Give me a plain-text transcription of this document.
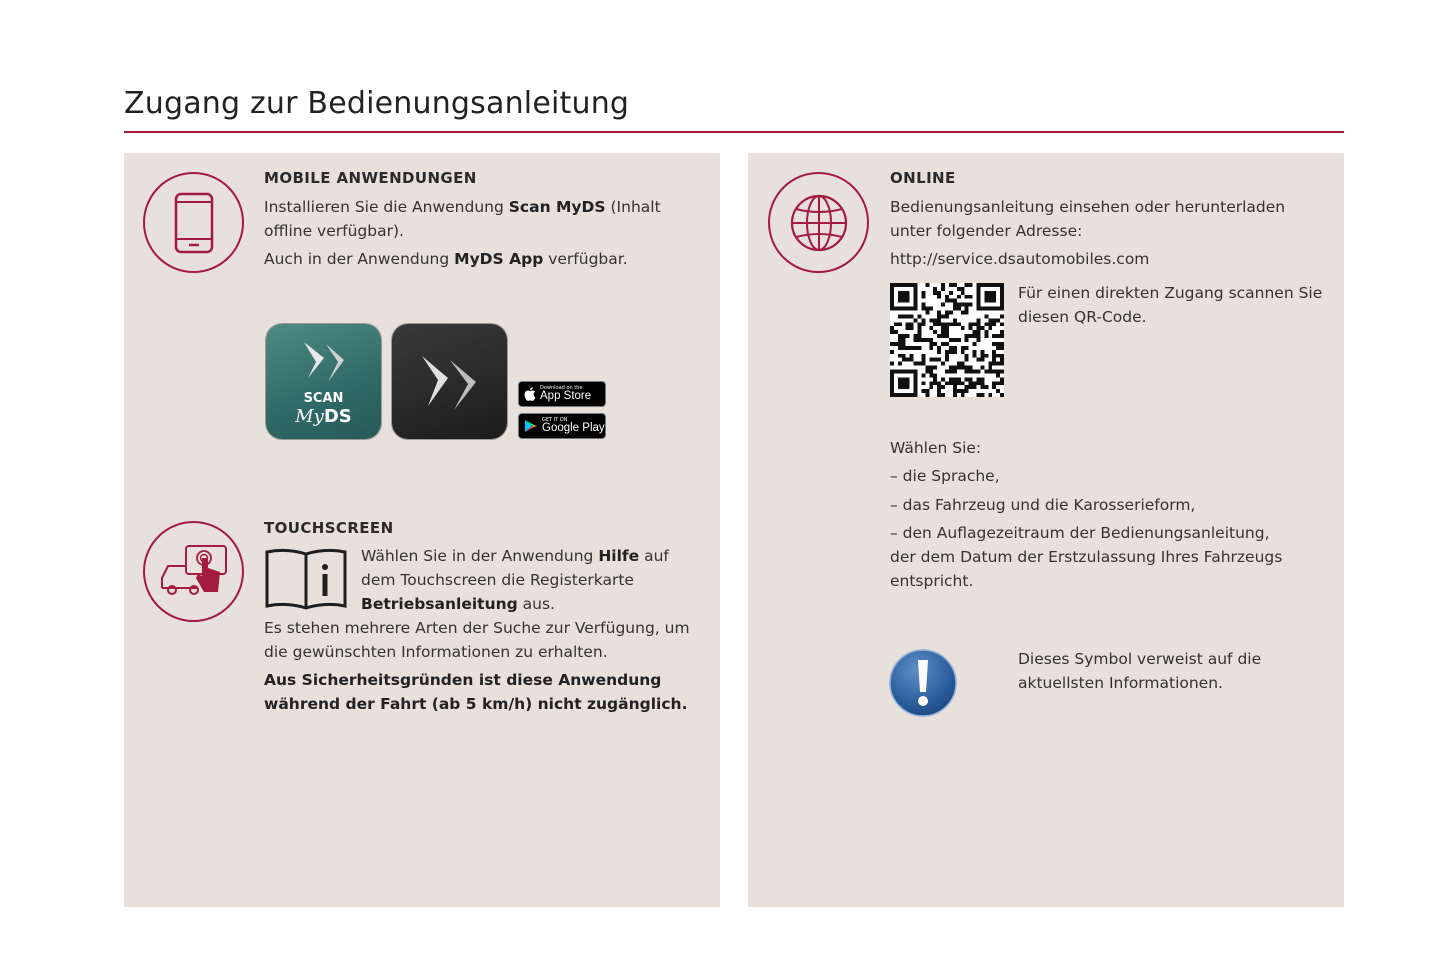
Zugang zur Bedienungsanleitung
MOBILE ANWENDUNGEN
Installieren Sie die Anwendung Scan MyDS (Inhalt offline verfügbar).
Auch in der Anwendung MyDS App verfügbar.
SCAN
MyDS
Download on the
App Store
GET IT ON
Google Play
TOUCHSCREEN
Wählen Sie in der Anwendung Hilfe auf dem Touchscreen die Registerkarte Betriebsanleitung aus.
Es stehen mehrere Arten der Suche zur Verfügung, um die gewünschten Informationen zu erhalten.
Aus Sicherheitsgründen ist diese Anwendung während der Fahrt (ab 5 km/h) nicht zugänglich.
ONLINE
Bedienungsanleitung einsehen oder herunterladen unter folgender Adresse:
http://service.dsautomobiles.com
Für einen direkten Zugang scannen Sie diesen QR-Code.
Wählen Sie:
– die Sprache,
– das Fahrzeug und die Karosserieform,
– den Auflagezeitraum der Bedienungsanleitung,
der dem Datum der Erstzulassung Ihres Fahrzeugs entspricht.
Dieses Symbol verweist auf die aktuellsten Informationen.
